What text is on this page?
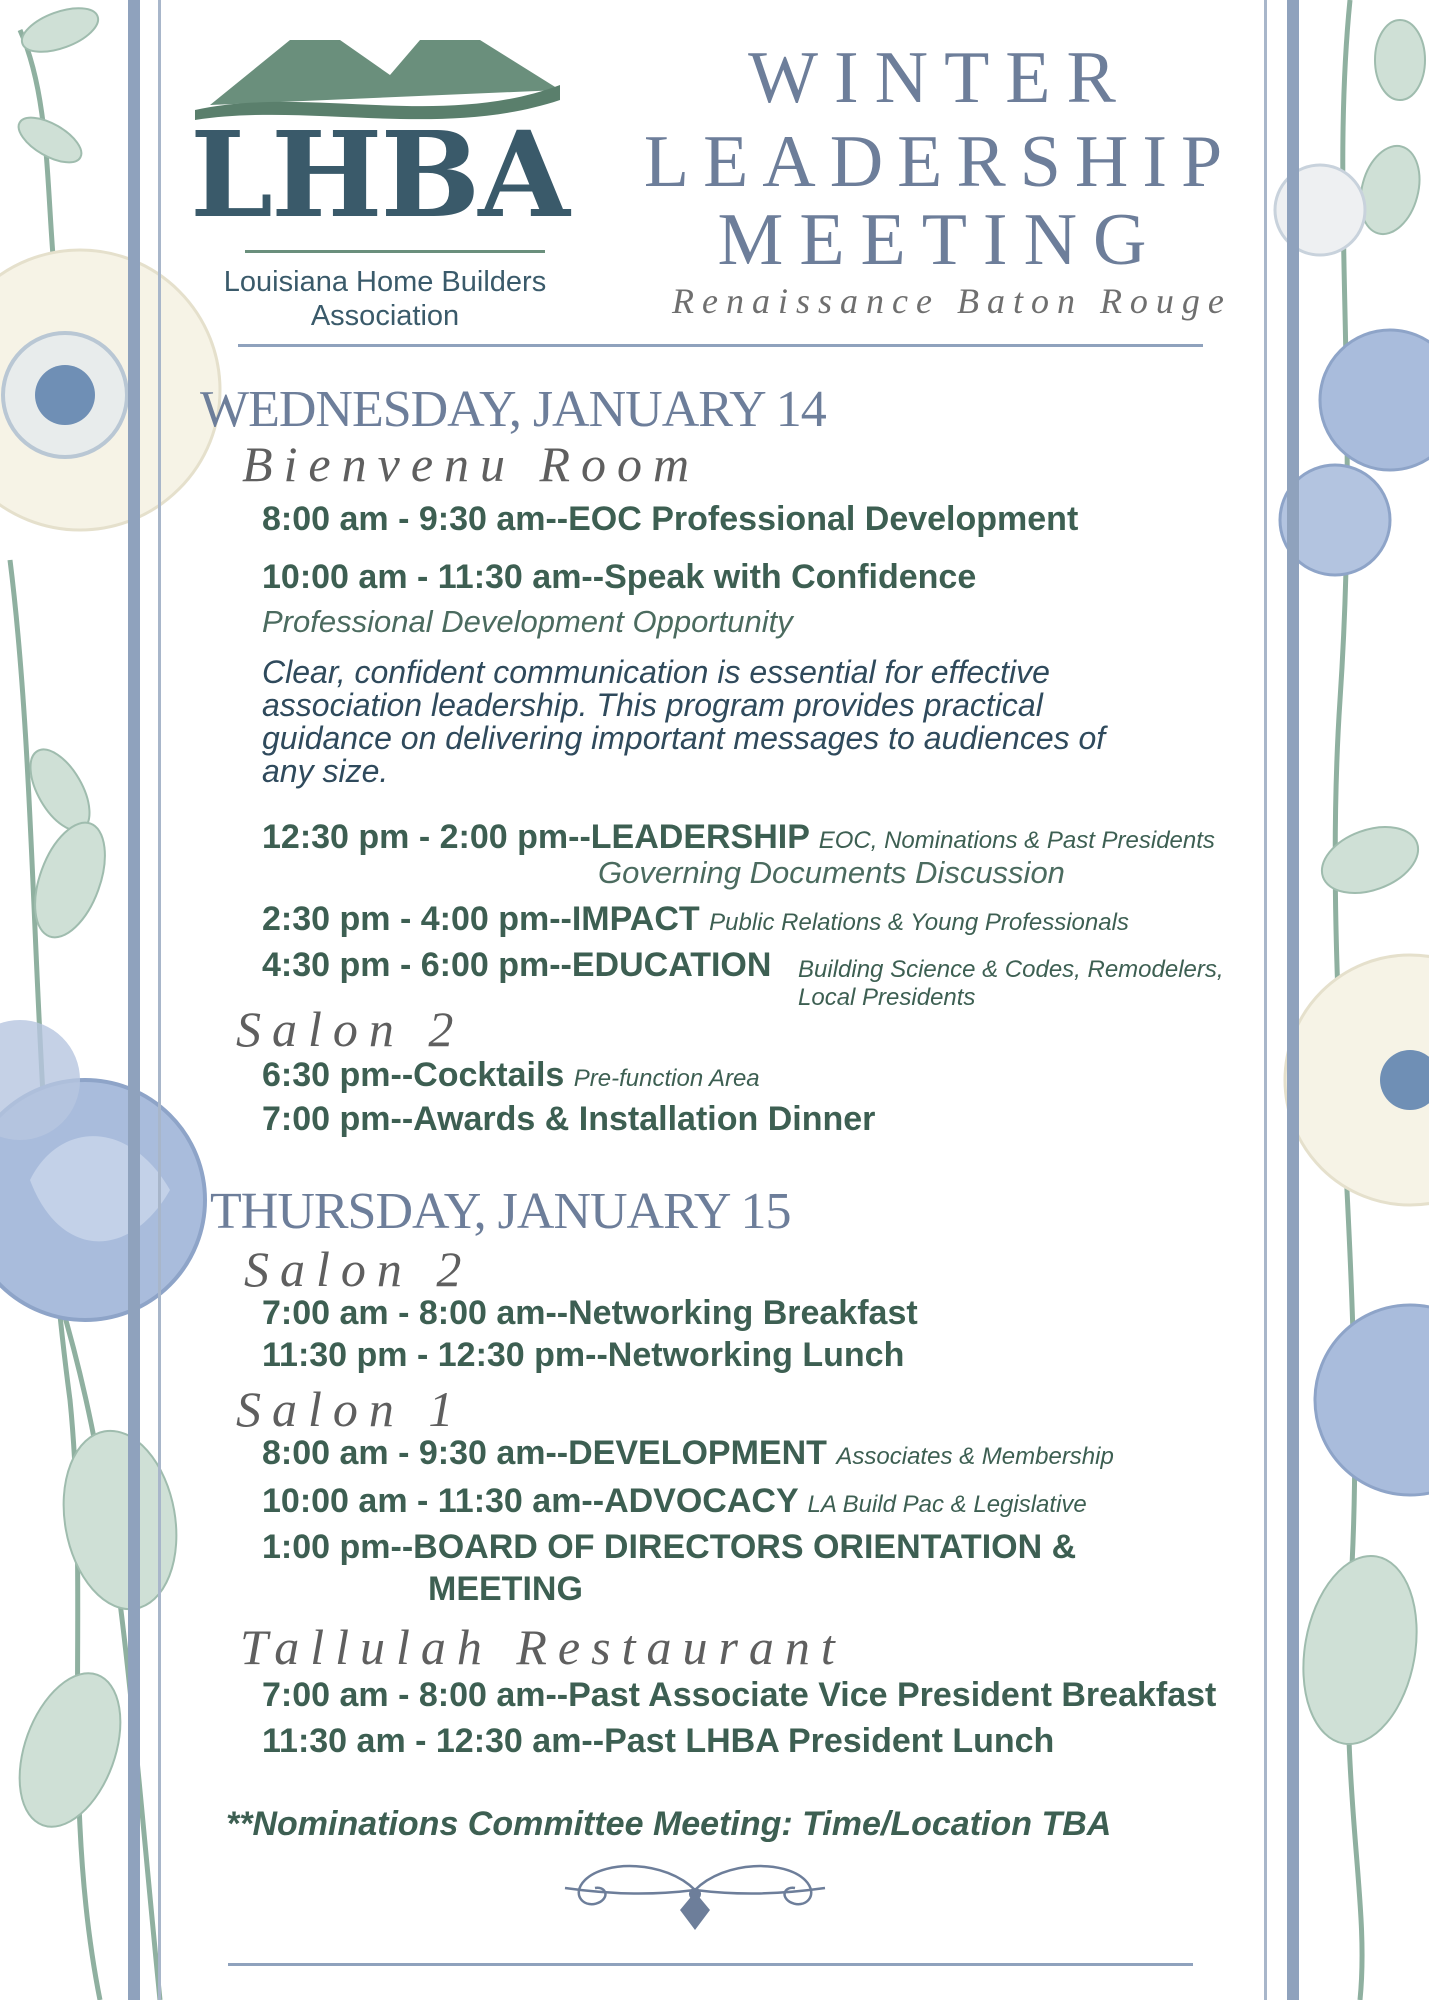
LHBA
Louisiana Home Builders
Association
WINTER
LEADERSHIP
MEETING
Renaissance Baton Rouge
WEDNESDAY, JANUARY 14
Bienvenu Room
8:00 am - 9:30 am--EOC Professional Development
10:00 am - 11:30 am--Speak with Confidence
Professional Development Opportunity
Clear, confident communication is essential for effective association leadership. This program provides practical guidance on delivering important messages to audiences of any size.
12:30 pm - 2:00 pm--LEADERSHIP EOC, Nominations & Past Presidents
Governing Documents Discussion
2:30 pm - 4:00 pm--IMPACT Public Relations & Young Professionals
4:30 pm - 6:00 pm--EDUCATION Building Science & Codes, Remodelers,
Local Presidents
Salon 2
6:30 pm--Cocktails Pre-function Area
7:00 pm--Awards & Installation Dinner
THURSDAY, JANUARY 15
Salon 2
7:00 am - 8:00 am--Networking Breakfast
11:30 pm - 12:30 pm--Networking Lunch
Salon 1
8:00 am - 9:30 am--DEVELOPMENT Associates & Membership
10:00 am - 11:30 am--ADVOCACY LA Build Pac & Legislative
1:00 pm--BOARD OF DIRECTORS ORIENTATION &
MEETING
Tallulah Restaurant
7:00 am - 8:00 am--Past Associate Vice President Breakfast
11:30 am - 12:30 am--Past LHBA President Lunch
**Nominations Committee Meeting: Time/Location TBA
